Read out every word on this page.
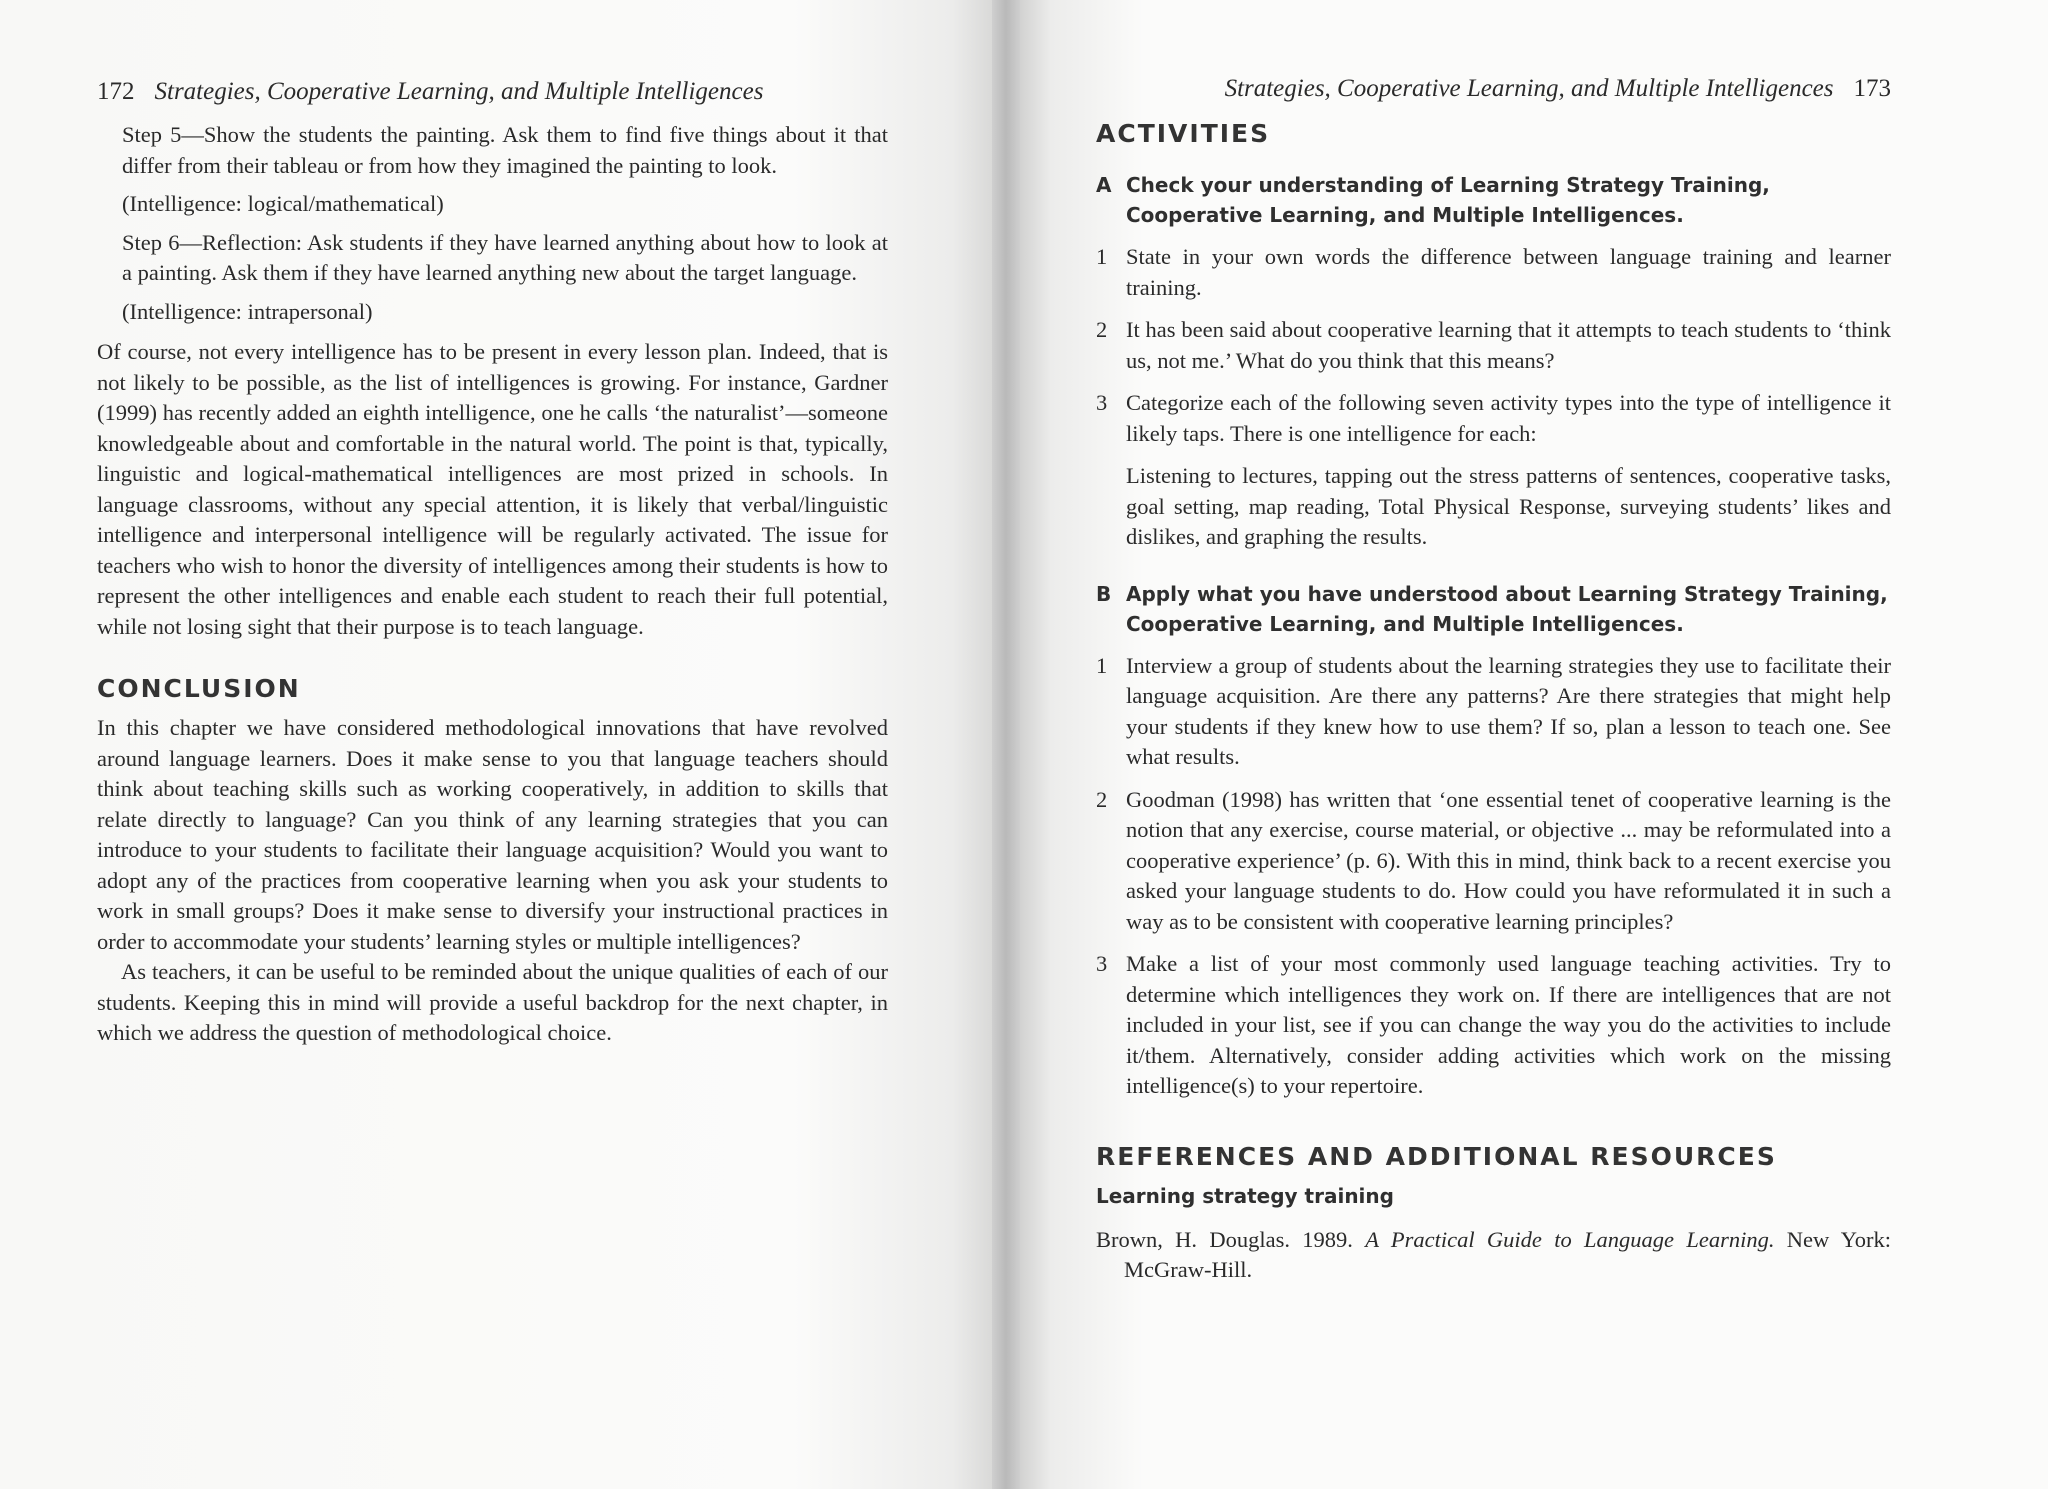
172 Strategies, Cooperative Learning, and Multiple Intelligences

Step 5—Show the students the painting. Ask them to find five things about it that differ from their tableau or from how they imagined the painting to look.

(Intelligence: logical/mathematical)

Step 6—Reflection: Ask students if they have learned anything about how to look at a painting. Ask them if they have learned anything new about the target language.

(Intelligence: intrapersonal)

Of course, not every intelligence has to be present in every lesson plan. Indeed, that is not likely to be possible, as the list of intelligences is growing. For instance, Gardner (1999) has recently added an eighth intelligence, one he calls ‘the naturalist’—someone knowledgeable about and comfortable in the natural world. The point is that, typically, linguistic and logical-mathematical intelligences are most prized in schools. In language classrooms, without any special attention, it is likely that verbal/linguistic intelligence and interpersonal intelligence will be regularly activated. The issue for teachers who wish to honor the diversity of intelligences among their students is how to represent the other intelligences and enable each student to reach their full potential, while not losing sight that their purpose is to teach language.

CONCLUSION

In this chapter we have considered methodological innovations that have revolved around language learners. Does it make sense to you that language teachers should think about teaching skills such as working cooperatively, in addition to skills that relate directly to language? Can you think of any learning strategies that you can introduce to your students to facilitate their language acquisition? Would you want to adopt any of the practices from cooperative learning when you ask your students to work in small groups? Does it make sense to diversify your instructional practices in order to accommodate your students’ learning styles or multiple intelligences?

As teachers, it can be useful to be reminded about the unique qualities of each of our students. Keeping this in mind will provide a useful backdrop for the next chapter, in which we address the question of methodological choice.

Strategies, Cooperative Learning, and Multiple Intelligences 173
ACTIVITIES
A Check your understanding of Learning Strategy Training, Cooperative Learning, and Multiple Intelligences.
1 State in your own words the difference between language training and learner training.

2 It has been said about cooperative learning that it attempts to teach students to ‘think us, not me.’ What do you think that this means?

3 Categorize each of the following seven activity types into the type of intelligence it likely taps. There is one intelligence for each:

Listening to lectures, tapping out the stress patterns of sentences, cooperative tasks, goal setting, map reading, Total Physical Response, surveying students’ likes and dislikes, and graphing the results.

B Apply what you have understood about Learning Strategy Training, Cooperative Learning, and Multiple Intelligences.
1 Interview a group of students about the learning strategies they use to facilitate their language acquisition. Are there any patterns? Are there strategies that might help your students if they knew how to use them? If so, plan a lesson to teach one. See what results.

2 Goodman (1998) has written that ‘one essential tenet of cooperative learning is the notion that any exercise, course material, or objective ... may be reformulated into a cooperative experience’ (p. 6). With this in mind, think back to a recent exercise you asked your language students to do. How could you have reformulated it in such a way as to be consistent with cooperative learning principles?

3 Make a list of your most commonly used language teaching activities. Try to determine which intelligences they work on. If there are intelligences that are not included in your list, see if you can change the way you do the activities to include it/them. Alternatively, consider adding activities which work on the missing intelligence(s) to your repertoire.

REFERENCES AND ADDITIONAL RESOURCES
Learning strategy training

Brown, H. Douglas. 1989. A Practical Guide to Language Learning. New York: McGraw-Hill.
